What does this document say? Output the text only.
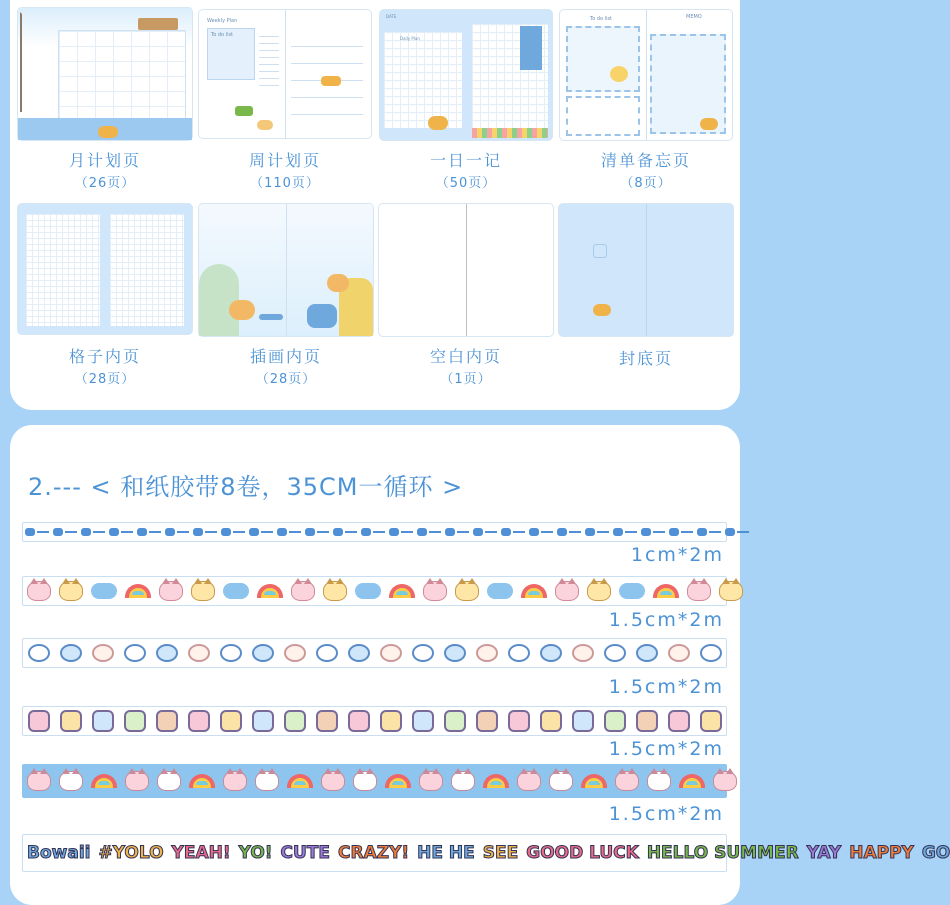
月计划页
（26页）
Weekly Plan
To do list
周计划页
（110页）
DATE
Daily Plan
一日一记
（50页）
To do list	MEMO
清单备忘页
（8页）
格子内页
（28页）
插画内页
（28页）
空白内页
（1页）
封底页
2.--- < 和纸胶带8卷，35CM一循环 >
1cm*2m
1.5cm*2m
1.5cm*2m
1.5cm*2m
1.5cm*2m
Bowaii #YOLO YEAH! YO! CUTE CRAZY! HE HE SEE GOOD LUCK HELLO SUMMER YAY HAPPY GO
